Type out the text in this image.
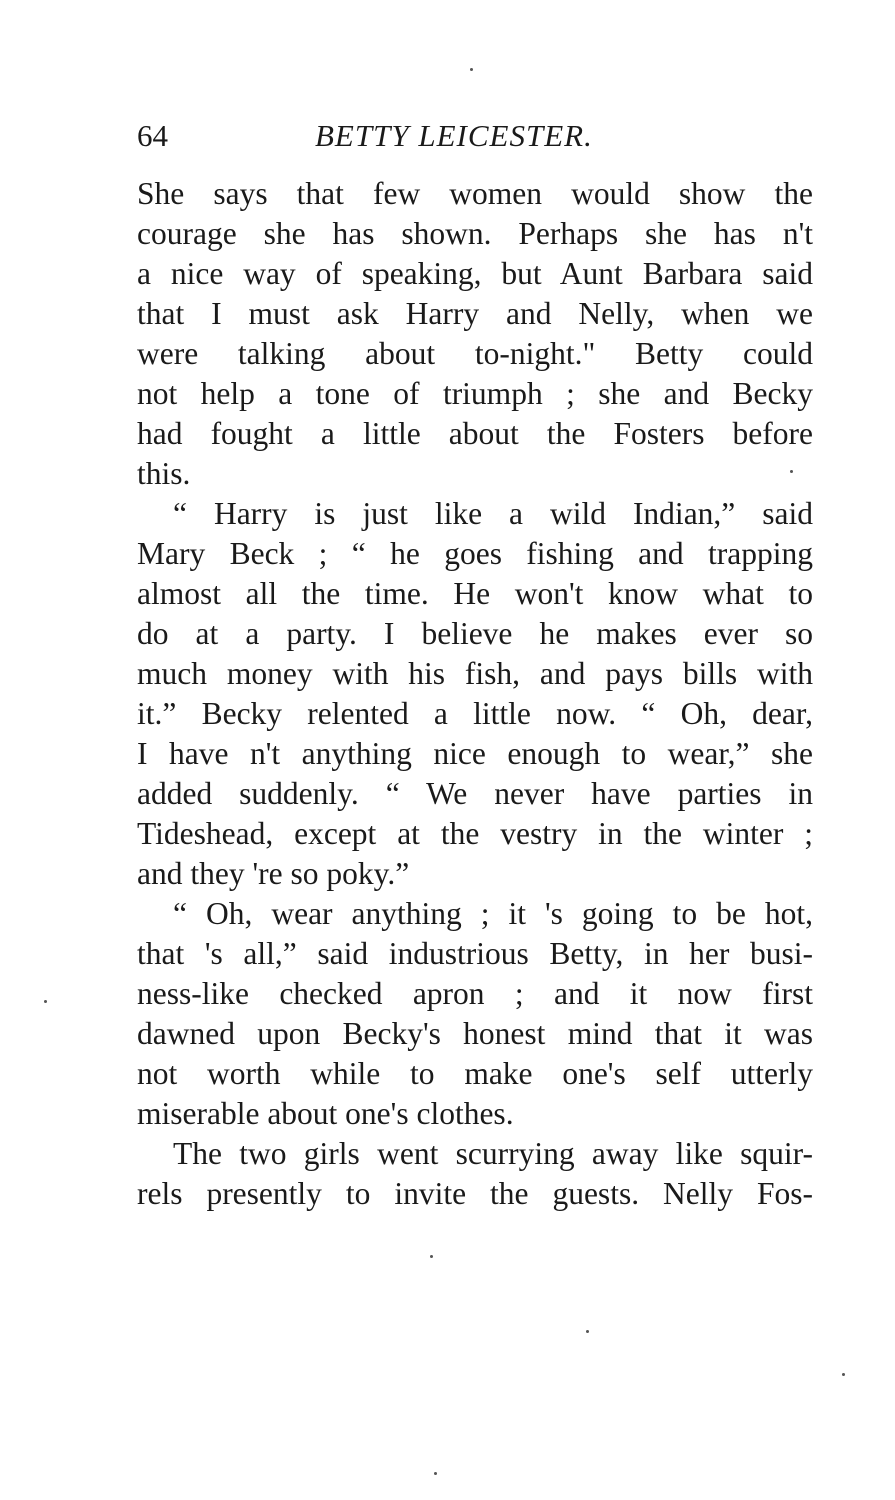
64	BETTY LEICESTER.
She says that few women would show the
courage she has shown. Perhaps she has n't
a nice way of speaking, but Aunt Barbara said
that I must ask Harry and Nelly, when we
were talking about to-night." Betty could
not help a tone of triumph ; she and Becky
had fought a little about the Fosters before
this.
“ Harry is just like a wild Indian,” said
Mary Beck ; “ he goes fishing and trapping
almost all the time. He won't know what to
do at a party. I believe he makes ever so
much money with his fish, and pays bills with
it.” Becky relented a little now. “ Oh, dear,
I have n't anything nice enough to wear,” she
added suddenly. “ We never have parties in
Tideshead, except at the vestry in the winter ;
and they 're so poky.”
“ Oh, wear anything ; it 's going to be hot,
that 's all,” said industrious Betty, in her busi-
ness-like checked apron ; and it now first
dawned upon Becky's honest mind that it was
not worth while to make one's self utterly
miserable about one's clothes.
The two girls went scurrying away like squir-
rels presently to invite the guests. Nelly Fos-
